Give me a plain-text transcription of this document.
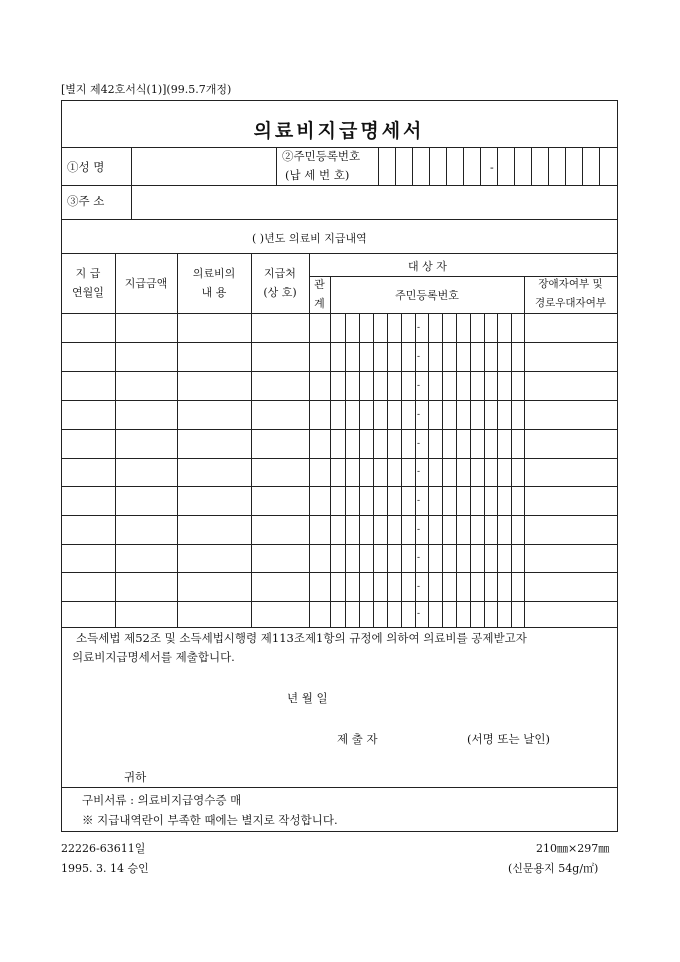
[별지 제42호서식(1)](99.5.7개정)
의료비지급명세서
①성 명
②주민등록번호
(납 세 번 호)
-
③주 소
( )년도 의료비 지급내역
지 급
연월일
지급금액
의료비의
내 용
지급처
(상 호)
대 상 자
관
계
주민등록번호
장애자여부 및
경로우대자여부
-
-
-
-
-
-
-
-
-
-
-
소득세법 제52조 및 소득세법시행령 제113조제1항의 규정에 의하여 의료비를 공제받고자
의료비지급명세서를 제출합니다.
년 월 일
제 출 자	(서명 또는 날인)
귀하
구비서류 : 의료비지급영수증 매
※ 지급내역란이 부족한 때에는 별지로 작성합니다.
22226-63611일
1995. 3. 14 승인
210㎜×297㎜
(신문용지 54g/㎡)
